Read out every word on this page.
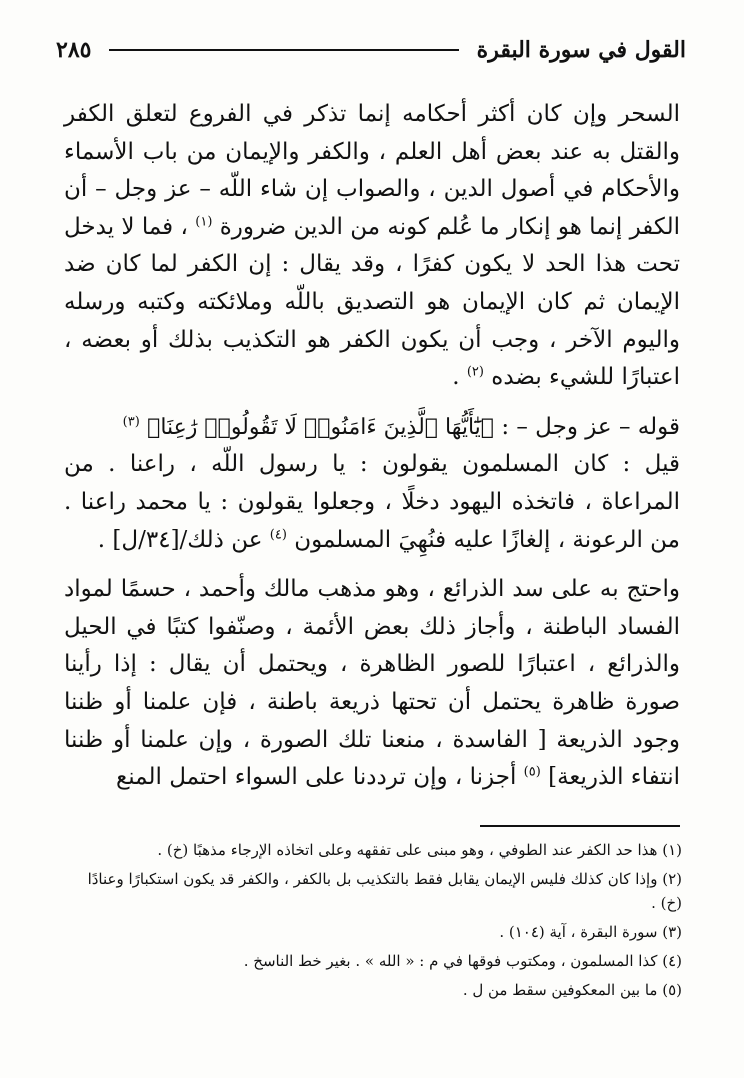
القول في سورة البقرة
٢٨٥

السحر وإن كان أكثر أحكامه إنما تذكر في الفروع لتعلق الكفر والقتل به عند بعض أهل العلم ، والكفر والإيمان من باب الأسماء والأحكام في أصول الدين ، والصواب إن شاء اللّه – عز وجل – أن الكفر إنما هو إنكار ما عُلم كونه من الدين ضرورة $^{(١)}$ ، فما لا يدخل تحت هذا الحد لا يكون كفرًا ، وقد يقال : إن الكفر لما كان ضد الإيمان ثم كان الإيمان هو التصديق باللّه وملائكته وكتبه ورسله واليوم الآخر ، وجب أن يكون الكفر هو التكذيب بذلك أو بعضه ، اعتبارًا للشيء بضده $^{(٢)}$ .

قوله – عز وجل – : ﴿يَٰٓأَيُّهَا ٱلَّذِينَ ءَامَنُوا۟ لَا تَقُولُوا۟ رَٰعِنَا﴾ $^{(٣)}$
قيل : كان المسلمون يقولون : يا رسول اللّه ، راعنا . من المراعاة ، فاتخذه اليهود دخلًا ، وجعلوا يقولون : يا محمد راعنا . من الرعونة ، إلغازًا عليه فنُهِيَ المسلمون $^{(٤)}$ عن ذلك/[٣٤/ل] .

واحتج به على سد الذرائع ، وهو مذهب مالك وأحمد ، حسمًا لمواد الفساد الباطنة ، وأجاز ذلك بعض الأئمة ، وصنّفوا كتبًا في الحيل والذرائع ، اعتبارًا للصور الظاهرة ، ويحتمل أن يقال : إذا رأينا صورة ظاهرة يحتمل أن تحتها ذريعة باطنة ، فإن علمنا أو ظننا وجود الذريعة [ الفاسدة ، منعنا تلك الصورة ، وإن علمنا أو ظننا انتفاء الذريعة] $^{(٥)}$ أجزنا ، وإن ترددنا على السواء احتمل المنع

(١) هذا حد الكفر عند الطوفي ، وهو مبنى على تفقهه وعلى اتخاذه الإرجاء مذهبًا (خ) .

(٢) وإذا كان كذلك فليس الإيمان يقابل فقط بالتكذيب بل بالكفر ، والكفر قد يكون استكبارًا وعنادًا (خ) .

(٣) سورة البقرة ، آية (١٠٤) .

(٤) كذا المسلمون ، ومكتوب فوقها في م : « الله » . بغير خط الناسخ .

(٥) ما بين المعكوفين سقط من ل .
